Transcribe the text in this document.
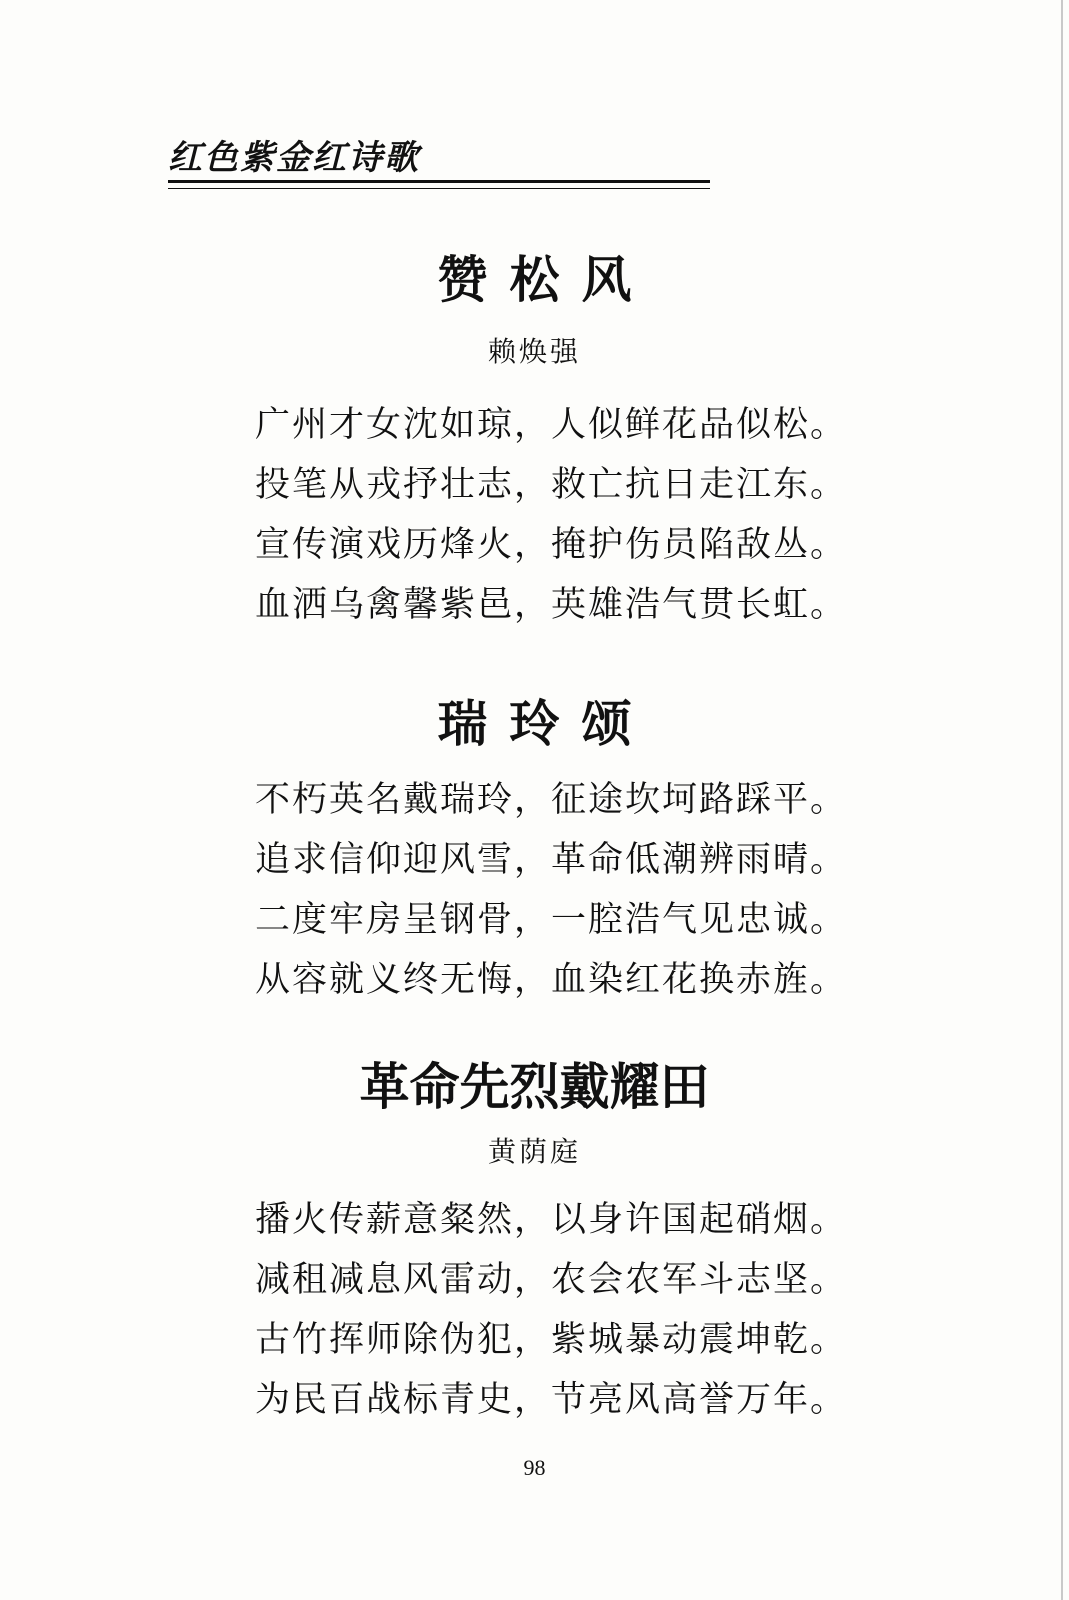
红色紫金红诗歌
赞松风
赖焕强
广州才女沈如琼，人似鲜花品似松。
投笔从戎抒壮志，救亡抗日走江东。
宣传演戏历烽火，掩护伤员陷敌丛。
血洒乌禽馨紫邑，英雄浩气贯长虹。
瑞玲颂
不朽英名戴瑞玲，征途坎坷路踩平。
追求信仰迎风雪，革命低潮辨雨晴。
二度牢房呈钢骨，一腔浩气见忠诚。
从容就义终无悔，血染红花换赤旌。
革命先烈戴耀田
黄荫庭
播火传薪意粲然，以身许国起硝烟。
减租减息风雷动，农会农军斗志坚。
古竹挥师除伪犯，紫城暴动震坤乾。
为民百战标青史，节亮风高誉万年。
98
